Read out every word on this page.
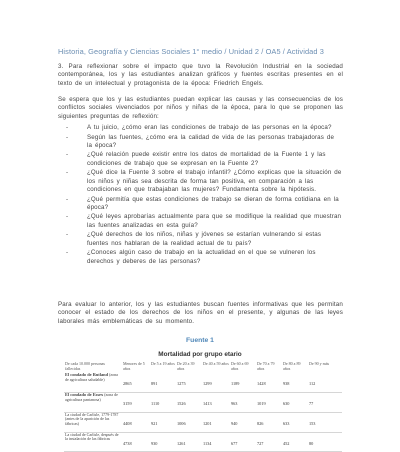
Historia, Geografía y Ciencias Sociales 1° medio / Unidad 2 / OA5 / Actividad 3
3. Para reflexionar sobre el impacto que tuvo la Revolución Industrial en la sociedad contemporánea, los y las estudiantes analizan gráficos y fuentes escritas presentes en el texto de un intelectual y protagonista de la época: Friedrich Engels.
Se espera que los y las estudiantes puedan explicar las causas y las consecuencias de los conflictos sociales vivenciados por niños y niñas de la época, para lo que se proponen las siguientes preguntas de reflexión:
-	A tu juicio, ¿cómo eran las condiciones de trabajo de las personas en la época?
-	Según las fuentes, ¿cómo era la calidad de vida de las personas trabajadoras de la época?
-	¿Qué relación puede existir entre los datos de mortalidad de la Fuente 1 y las condiciones de trabajo que se expresan en la Fuente 2?
-	¿Qué dice la Fuente 3 sobre el trabajo infantil? ¿Cómo explicas que la situación de los niños y niñas sea descrita de forma tan positiva, en comparación a las condiciones en que trabajaban las mujeres? Fundamenta sobre la hipótesis.
-	¿Qué permitía que estas condiciones de trabajo se dieran de forma cotidiana en la época?
-	¿Qué leyes aprobarías actualmente para que se modifique la realidad que muestran las fuentes analizadas en esta guía?
-	¿Qué derechos de los niños, niñas y jóvenes se estarían vulnerando si estas fuentes nos hablaran de la realidad actual de tu país?
-	¿Conoces algún caso de trabajo en la actualidad en el que se vulneren los derechos y deberes de las personas?
Para evaluar lo anterior, los y las estudiantes buscan fuentes informativas que les permitan conocer el estado de los derechos de los niños en el presente, y algunas de las leyes laborales más emblemáticas de su momento.
Fuente 1
Mortalidad por grupo etario
De cada 10.000 personas fallecidas	Menores de 5 años	De 5 a 19 años	De 20 a 39 años	De 40 a 59 años	De 60 a 69 años	De 70 a 79 años	De 80 a 89 años	De 90 y más
El condado de Rutland (zona de agricultura saludable)	2865	891	1275	1299	1189	1428	938	112
El condado de Essex (zona de agricultura pantanosa)	3159	1110	1526	1413	963	1019	630	77
La ciudad de Carlisle, 1779-1787 (antes de la aparición de las fábricas)	4408	921	1006	1201	940	826	633	153
La ciudad de Carlisle, después de la instalación de las fábricas	4738	930	1261	1134	677	727	452	80
